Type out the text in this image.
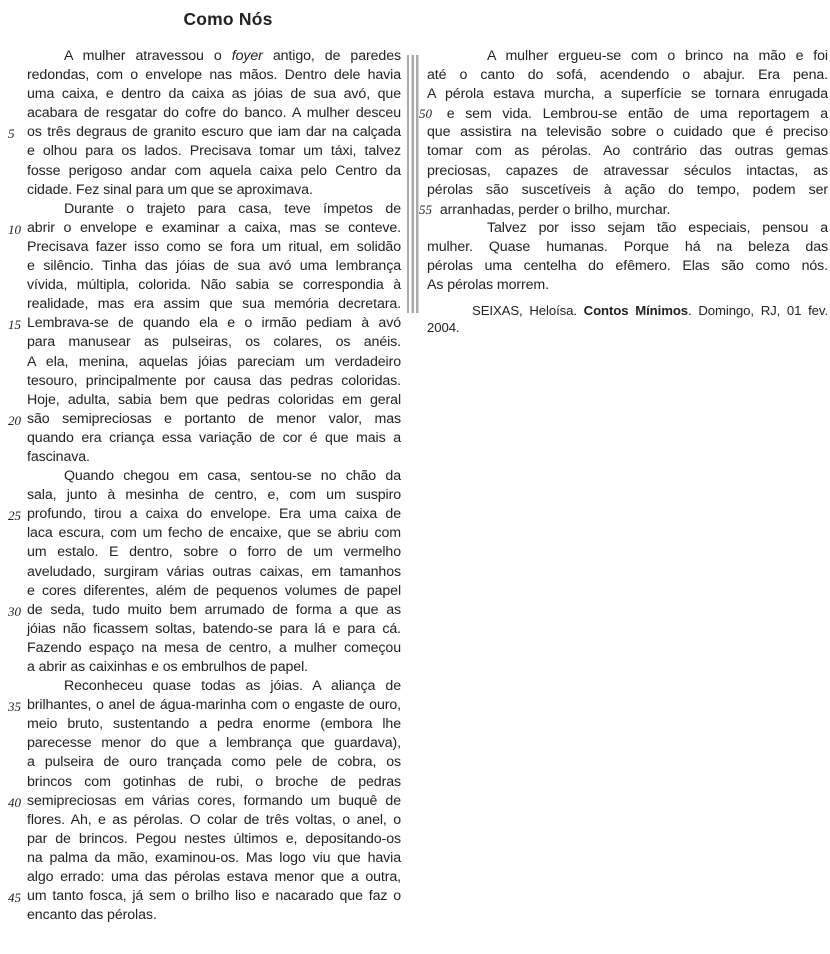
Como Nós
A mulher atravessou o foyer antigo, de paredes
redondas, com o envelope nas mãos. Dentro dele havia
uma caixa, e dentro da caixa as jóias de sua avó, que
acabara de resgatar do cofre do banco. A mulher desceu
5 os três degraus de granito escuro que iam dar na calçada
e olhou para os lados. Precisava tomar um táxi, talvez
fosse perigoso andar com aquela caixa pelo Centro da
cidade. Fez sinal para um que se aproximava.
Durante o trajeto para casa, teve ímpetos de
10 abrir o envelope e examinar a caixa, mas se conteve.
Precisava fazer isso como se fora um ritual, em solidão
e silêncio. Tinha das jóias de sua avó uma lembrança
vívida, múltipla, colorida. Não sabia se correspondia à
realidade, mas era assim que sua memória decretara.
15 Lembrava-se de quando ela e o irmão pediam à avó
para manusear as pulseiras, os colares, os anéis.
A ela, menina, aquelas jóias pareciam um verdadeiro
tesouro, principalmente por causa das pedras coloridas.
Hoje, adulta, sabia bem que pedras coloridas em geral
20 são semipreciosas e portanto de menor valor, mas
quando era criança essa variação de cor é que mais a
fascinava.
Quando chegou em casa, sentou-se no chão da
sala, junto à mesinha de centro, e, com um suspiro
25 profundo, tirou a caixa do envelope. Era uma caixa de
laca escura, com um fecho de encaixe, que se abriu com
um estalo. E dentro, sobre o forro de um vermelho
aveludado, surgiram várias outras caixas, em tamanhos
e cores diferentes, além de pequenos volumes de papel
30 de seda, tudo muito bem arrumado de forma a que as
jóias não ficassem soltas, batendo-se para lá e para cá.
Fazendo espaço na mesa de centro, a mulher começou
a abrir as caixinhas e os embrulhos de papel.
Reconheceu quase todas as jóias. A aliança de
35 brilhantes, o anel de água-marinha com o engaste de ouro,
meio bruto, sustentando a pedra enorme (embora lhe
parecesse menor do que a lembrança que guardava),
a pulseira de ouro trançada como pele de cobra, os
brincos com gotinhas de rubi, o broche de pedras
40 semipreciosas em várias cores, formando um buquê de
flores. Ah, e as pérolas. O colar de três voltas, o anel, o
par de brincos. Pegou nestes últimos e, depositando-os
na palma da mão, examinou-os. Mas logo viu que havia
algo errado: uma das pérolas estava menor que a outra,
45 um tanto fosca, já sem o brilho liso e nacarado que faz o
encanto das pérolas.
A mulher ergueu-se com o brinco na mão e foi
até o canto do sofá, acendendo o abajur. Era pena.
A pérola estava murcha, a superfície se tornara enrugada
50 e sem vida. Lembrou-se então de uma reportagem a
que assistira na televisão sobre o cuidado que é preciso
tomar com as pérolas. Ao contrário das outras gemas
preciosas, capazes de atravessar séculos intactas, as
pérolas são suscetíveis à ação do tempo, podem ser
55 arranhadas, perder o brilho, murchar.
Talvez por isso sejam tão especiais, pensou a
mulher. Quase humanas. Porque há na beleza das
pérolas uma centelha do efêmero. Elas são como nós.
As pérolas morrem.
SEIXAS, Heloísa. Contos Mínimos. Domingo, RJ, 01 fev. 2004.
